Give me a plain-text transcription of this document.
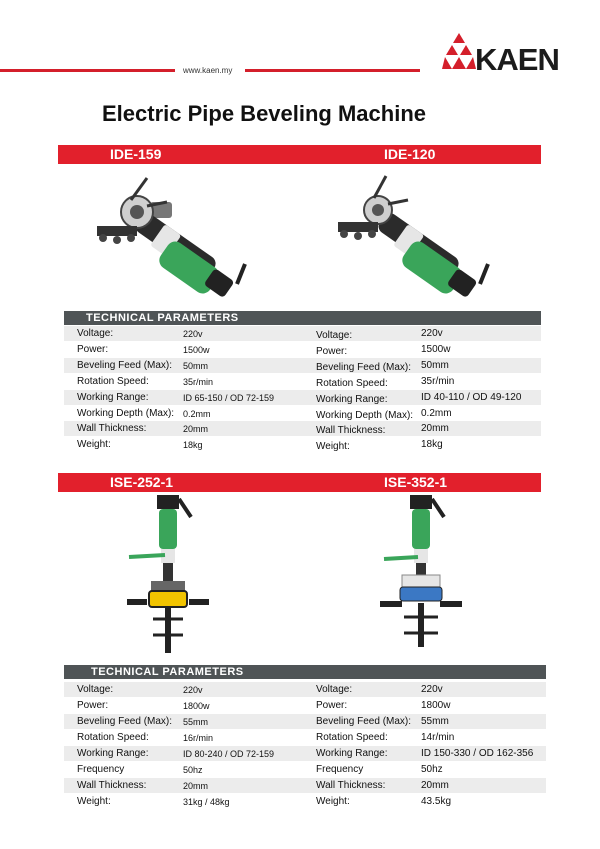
www.kaen.my	KAEN
Electric Pipe Beveling Machine
IDE-159	IDE-120
TECHNICAL PARAMETERS
Voltage:	220v	Voltage:	220v
Power:	1500w	Power:	1500w
Beveling Feed (Max): 50mm	Beveling Feed (Max): 50mm
Rotation Speed:	35r/min	Rotation Speed:	35r/min
Working Range:	ID 65-150 / OD 72-159	Working Range:	ID 40-110 / OD 49-120
Working Depth (Max): 0.2mm	Working Depth (Max): 0.2mm
Wall Thickness:	20mm	Wall Thickness:	20mm
Weight:	18kg	Weight:	18kg
ISE-252-1	ISE-352-1
TECHNICAL PARAMETERS
Voltage:	220v	Voltage:	220v
Power:	1800w	Power:	1800w
Beveling Feed (Max): 55mm	Beveling Feed (Max): 55mm
Rotation Speed:	16r/min	Rotation Speed:	14r/min
Working Range:	ID 80-240 / OD 72-159	Working Range:	ID 150-330 / OD 162-356
Frequency	50hz	Frequency	50hz
Wall Thickness:	20mm	Wall Thickness:	20mm
Weight:	31kg / 48kg	Weight:	43.5kg
